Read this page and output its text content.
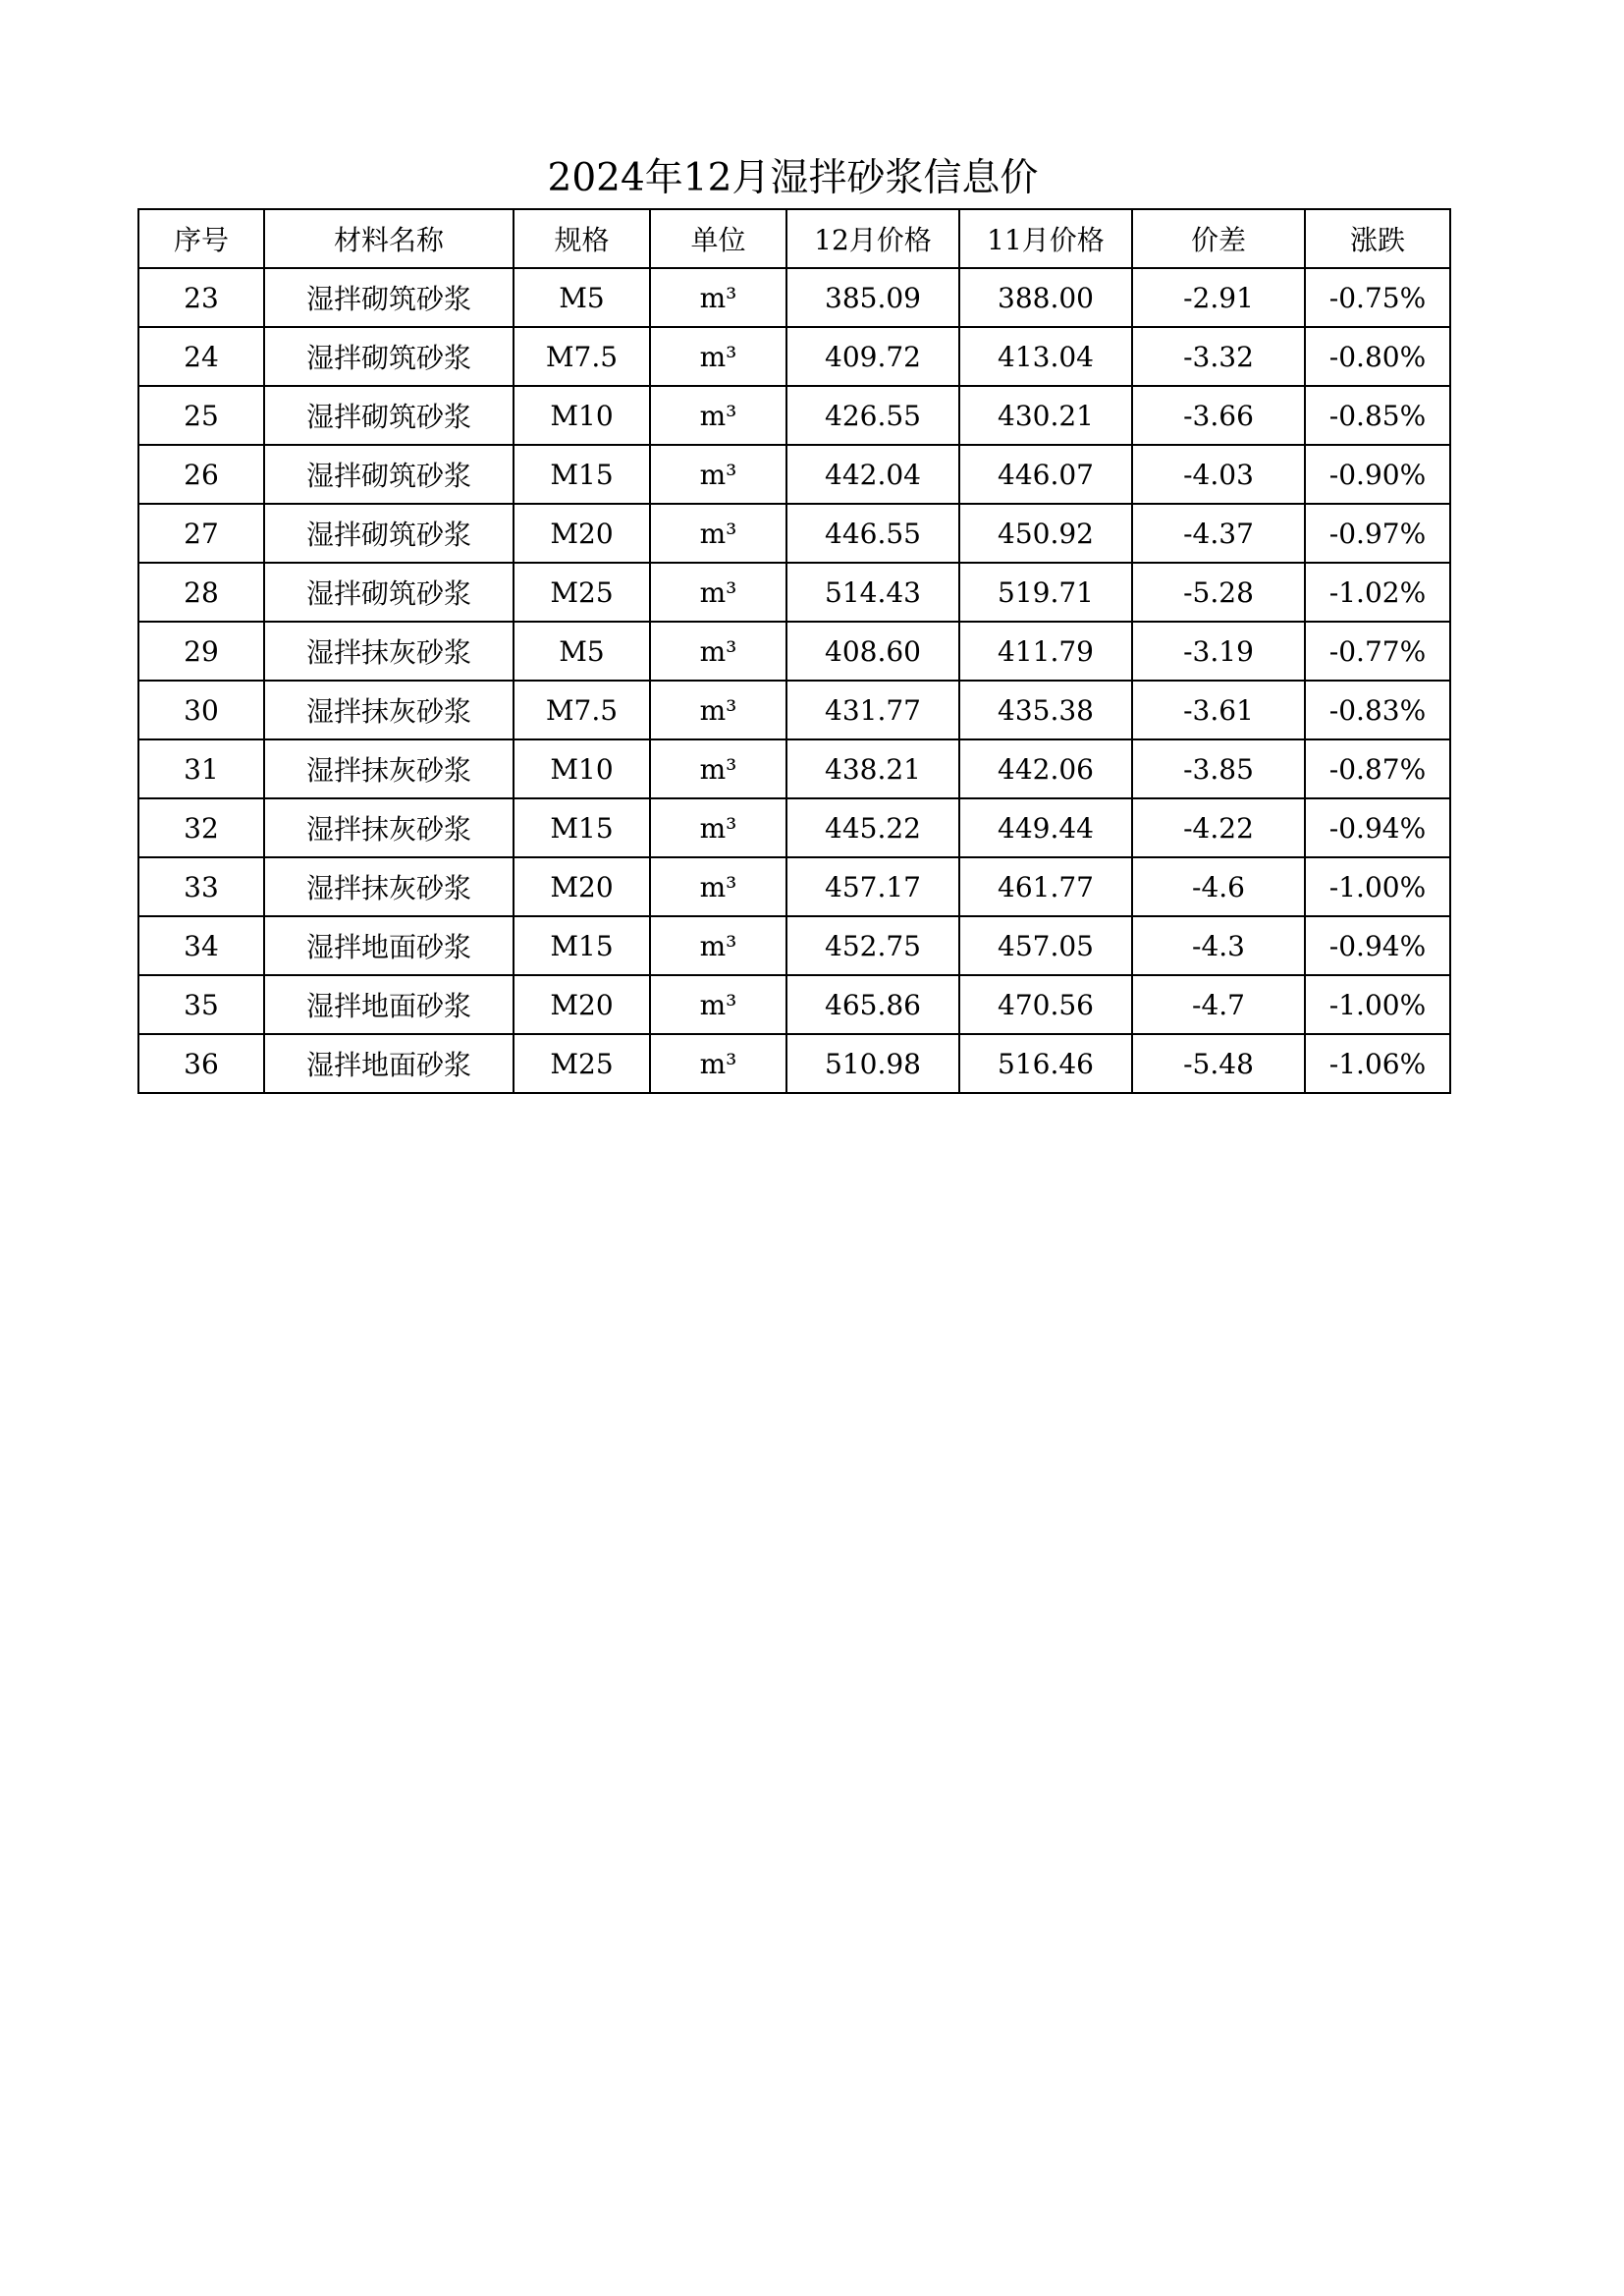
2024年12月湿拌砂浆信息价
序号	材料名称	规格	单位	12月价格	11月价格	价差	涨跌
23	湿拌砌筑砂浆	M5	m³	385.09	388.00	-2.91	-0.75%
24	湿拌砌筑砂浆	M7.5	m³	409.72	413.04	-3.32	-0.80%
25	湿拌砌筑砂浆	M10	m³	426.55	430.21	-3.66	-0.85%
26	湿拌砌筑砂浆	M15	m³	442.04	446.07	-4.03	-0.90%
27	湿拌砌筑砂浆	M20	m³	446.55	450.92	-4.37	-0.97%
28	湿拌砌筑砂浆	M25	m³	514.43	519.71	-5.28	-1.02%
29	湿拌抹灰砂浆	M5	m³	408.60	411.79	-3.19	-0.77%
30	湿拌抹灰砂浆	M7.5	m³	431.77	435.38	-3.61	-0.83%
31	湿拌抹灰砂浆	M10	m³	438.21	442.06	-3.85	-0.87%
32	湿拌抹灰砂浆	M15	m³	445.22	449.44	-4.22	-0.94%
33	湿拌抹灰砂浆	M20	m³	457.17	461.77	-4.6	-1.00%
34	湿拌地面砂浆	M15	m³	452.75	457.05	-4.3	-0.94%
35	湿拌地面砂浆	M20	m³	465.86	470.56	-4.7	-1.00%
36	湿拌地面砂浆	M25	m³	510.98	516.46	-5.48	-1.06%
